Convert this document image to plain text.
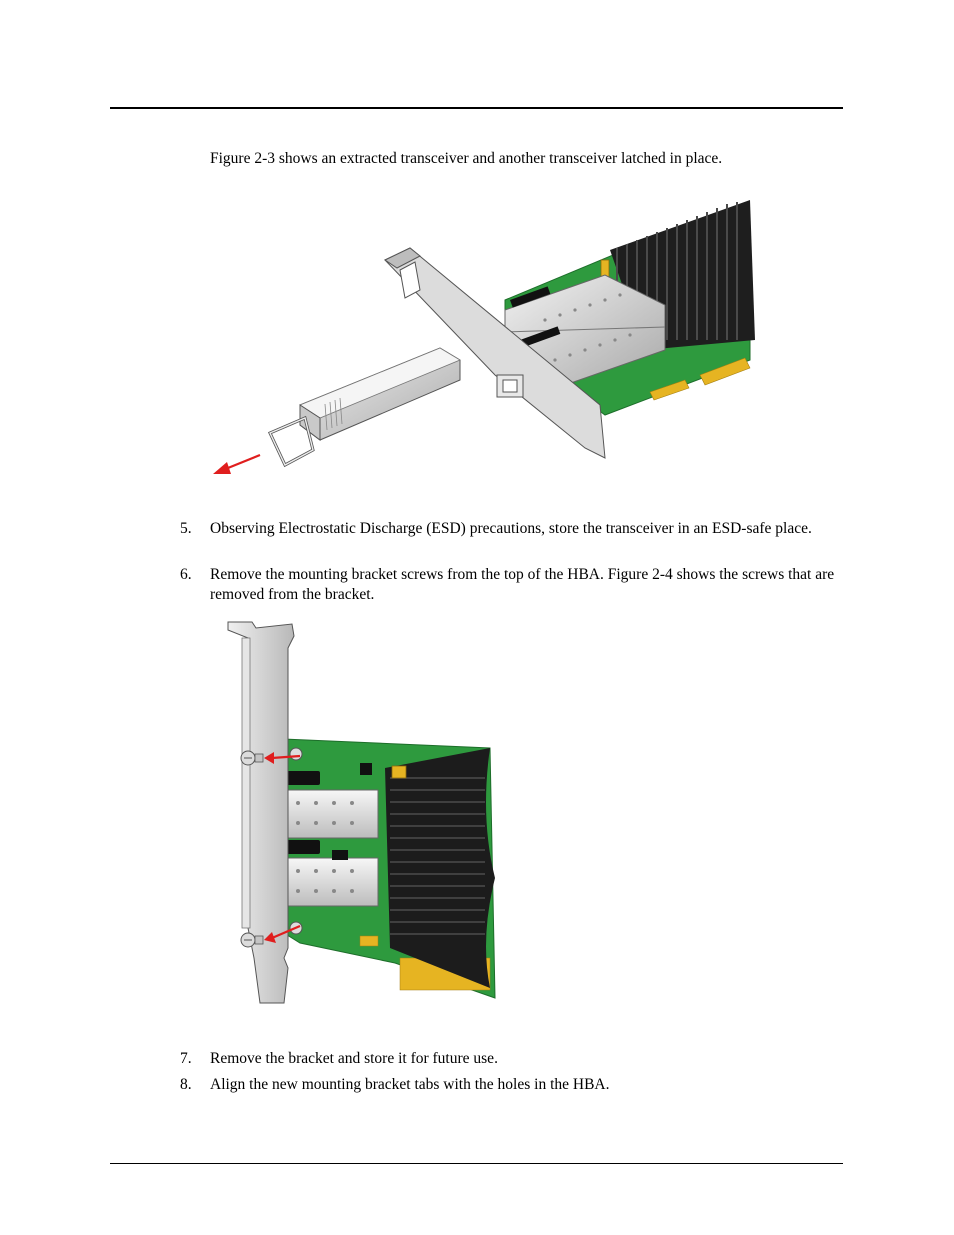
Figure 2-3 shows an extracted transceiver and another transceiver latched in place.
5. Observing Electrostatic Discharge (ESD) precautions, store the transceiver in an ESD-safe place.
6. Remove the mounting bracket screws from the top of the HBA. Figure 2-4 shows the screws that are removed from the bracket.
7. Remove the bracket and store it for future use.
8. Align the new mounting bracket tabs with the holes in the HBA.
